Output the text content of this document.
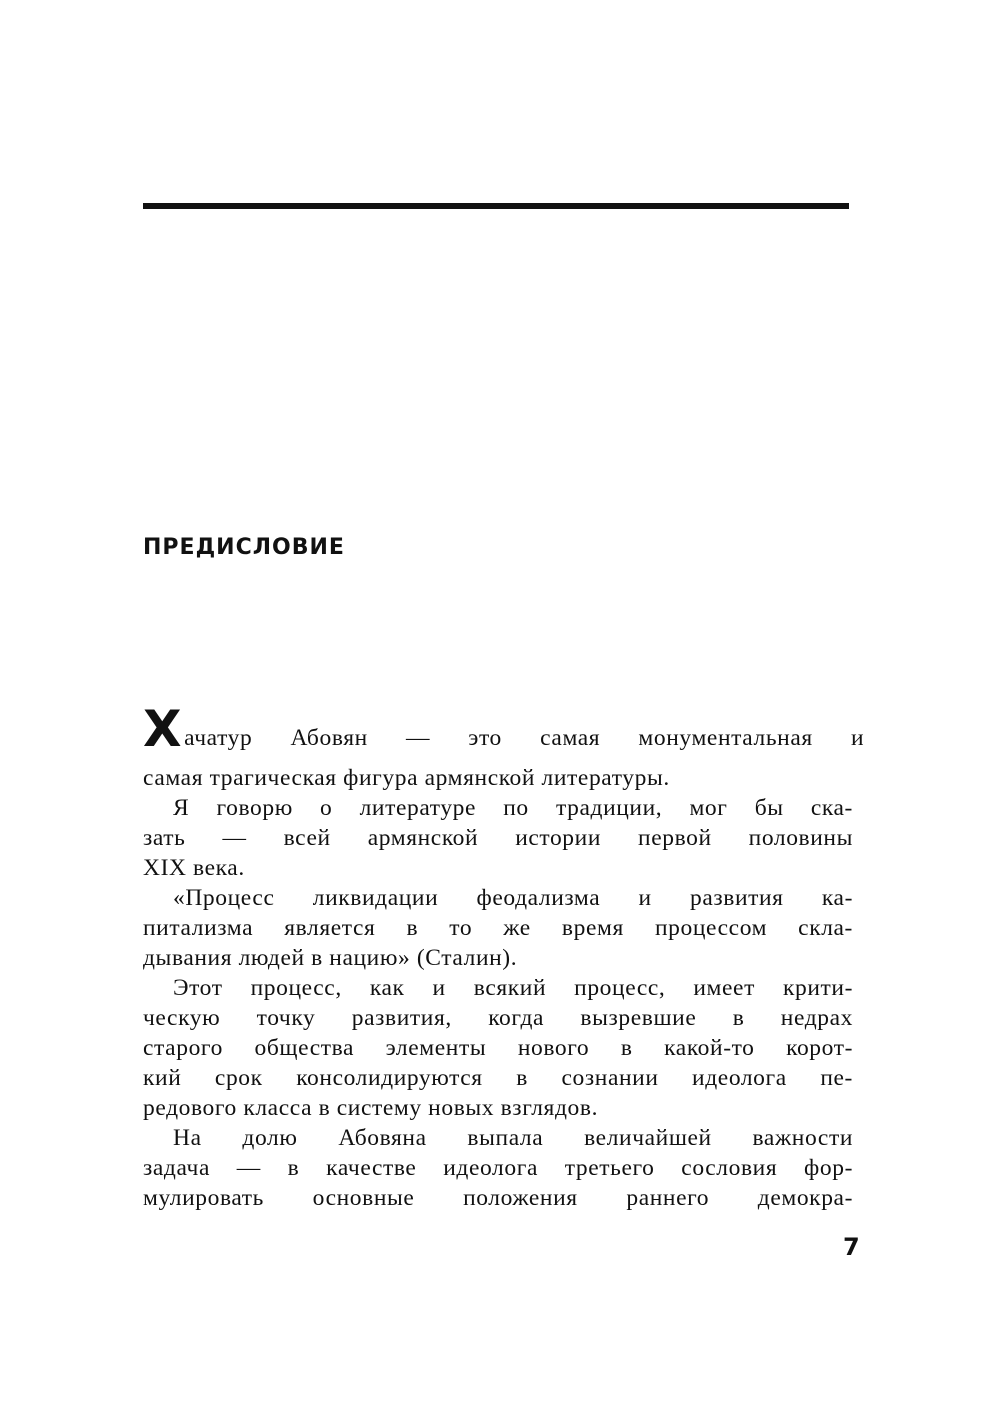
ПРЕДИСЛОВИЕ
Хачатур Абовян — это самая монументальная и
самая трагическая фигура армянской литературы.
Я говорю о литературе по традиции, мог бы ска-
зать — всей армянской истории первой половины
XIX века.
«Процесс ликвидации феодализма и развития ка-
питализма является в то же время процессом скла-
дывания людей в нацию» (Сталин).
Этот процесс, как и всякий процесс, имеет крити-
ческую точку развития, когда вызревшие в недрах
старого общества элементы нового в какой-то корот-
кий срок консолидируются в сознании идеолога пе-
редового класса в систему новых взглядов.
На долю Абовяна выпала величайшей важности
задача — в качестве идеолога третьего сословия фор-
мулировать основные положения раннего демокра-
7
